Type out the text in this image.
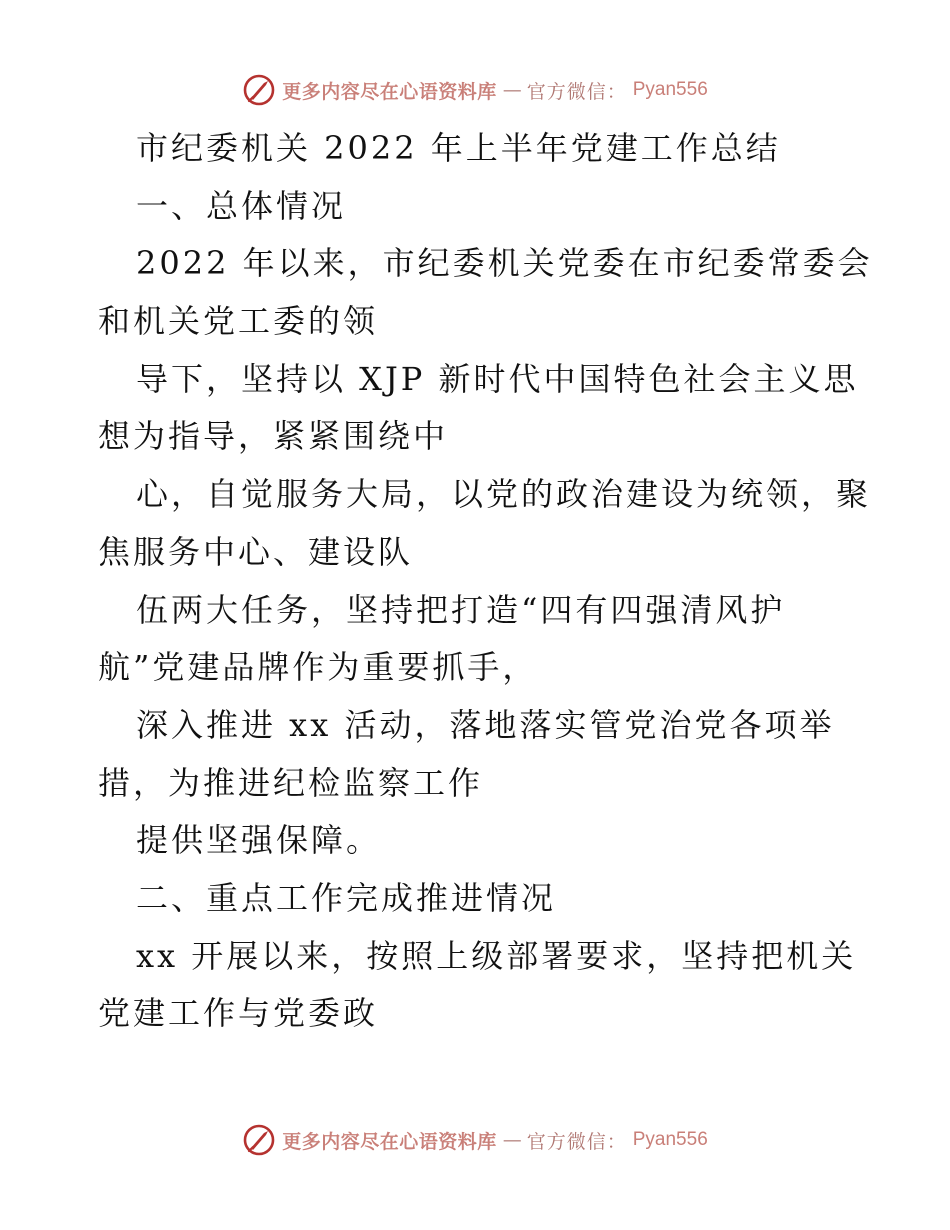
更多内容尽在心语资料库 — 官方微信： Pyan556
市纪委机关 2022 年上半年党建工作总结
一、总体情况
2022 年以来，市纪委机关党委在市纪委常委会
和机关党工委的领
导下，坚持以 XJP 新时代中国特色社会主义思
想为指导，紧紧围绕中
心，自觉服务大局，以党的政治建设为统领，聚
焦服务中心、建设队
伍两大任务，坚持把打造“四有四强清风护
航”党建品牌作为重要抓手，
深入推进 xx 活动，落地落实管党治党各项举
措，为推进纪检监察工作
提供坚强保障。
二、重点工作完成推进情况
xx 开展以来，按照上级部署要求，坚持把机关
党建工作与党委政
更多内容尽在心语资料库 — 官方微信： Pyan556
